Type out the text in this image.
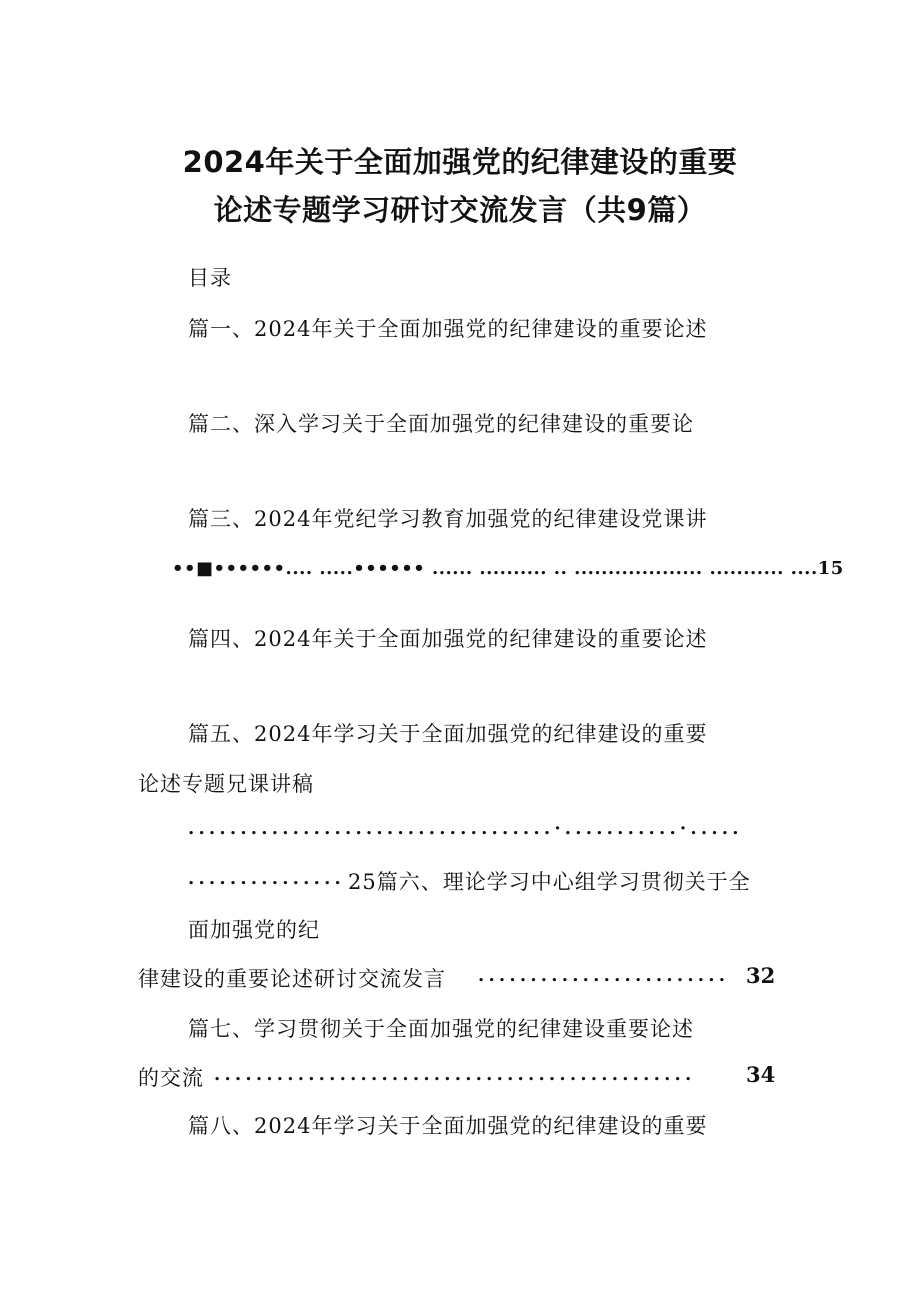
2024年关于全面加强党的纪律建设的重要
论述专题学习研讨交流发言（共9篇）
目录
篇一、2024年关于全面加强党的纪律建设的重要论述
篇二、深入学习关于全面加强党的纪律建设的重要论
篇三、2024年党纪学习教育加强党的纪律建设党课讲
••■••••••.... .....•••••• ...... .......... .. ................... ........... ....15
篇四、2024年关于全面加强党的纪律建设的重要论述
篇五、2024年学习关于全面加强党的纪律建设的重要
论述专题兄课讲稿
...................................·...........·.....
............... 25篇六、理论学习中心组学习贯彻关于全
面加强党的纪
律建设的重要论述研讨交流发言 ........................ 32
篇七、学习贯彻关于全面加强党的纪律建设重要论述
的交流 .............................................. 34
篇八、2024年学习关于全面加强党的纪律建设的重要
